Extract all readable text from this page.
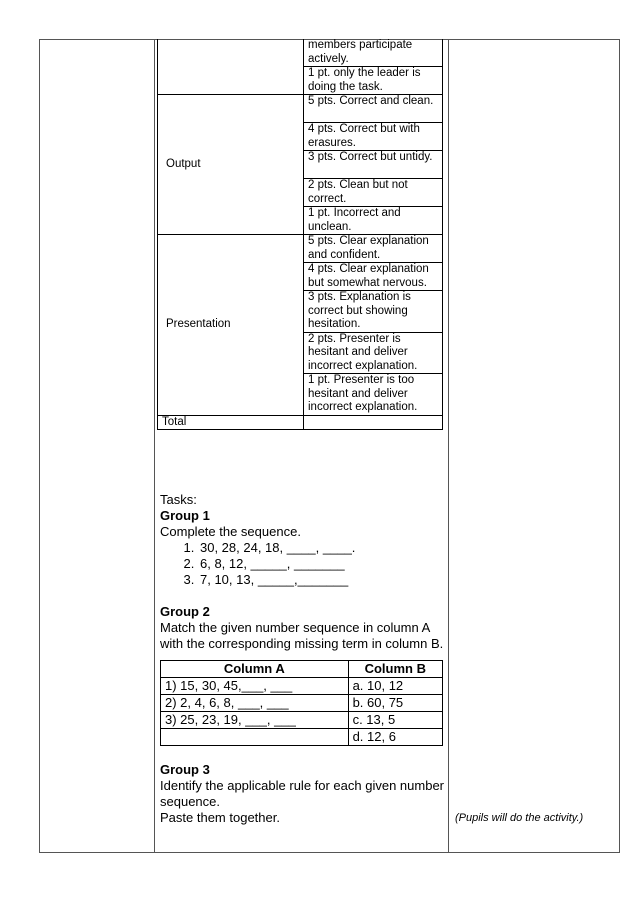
	members participate actively.
	1 pt. only the leader is doing the task.
Output	5 pts. Correct and clean.
	4 pts. Correct but with erasures.
	3 pts. Correct but untidy.
	2 pts. Clean but not correct.
	1 pt. Incorrect and unclean.
Presentation	5 pts. Clear explanation and confident.
	4 pts. Clear explanation but somewhat nervous.
	3 pts. Explanation is correct but showing hesitation.
	2 pts. Presenter is hesitant and deliver incorrect explanation.
	1 pt. Presenter is too hesitant and deliver incorrect explanation.
Total	

Tasks:

Group 1

Complete the sequence.

1. 30, 28, 24, 18, ____, ____.
2. 6, 8, 12, _____, _______
3. 7, 10, 13, _____,_______

Group 2

Match the given number sequence in column A with the corresponding missing term in column B.

Column A	Column B
1) 15, 30, 45,___, ___	a. 10, 12
2) 2, 4, 6, 8, ___, ___	b. 60, 75
3) 25, 23, 19, ___, ___	c. 13, 5
	d. 12, 6

Group 3

Identify the applicable rule for each given number sequence.

Paste them together.	(Pupils will do the activity.)
